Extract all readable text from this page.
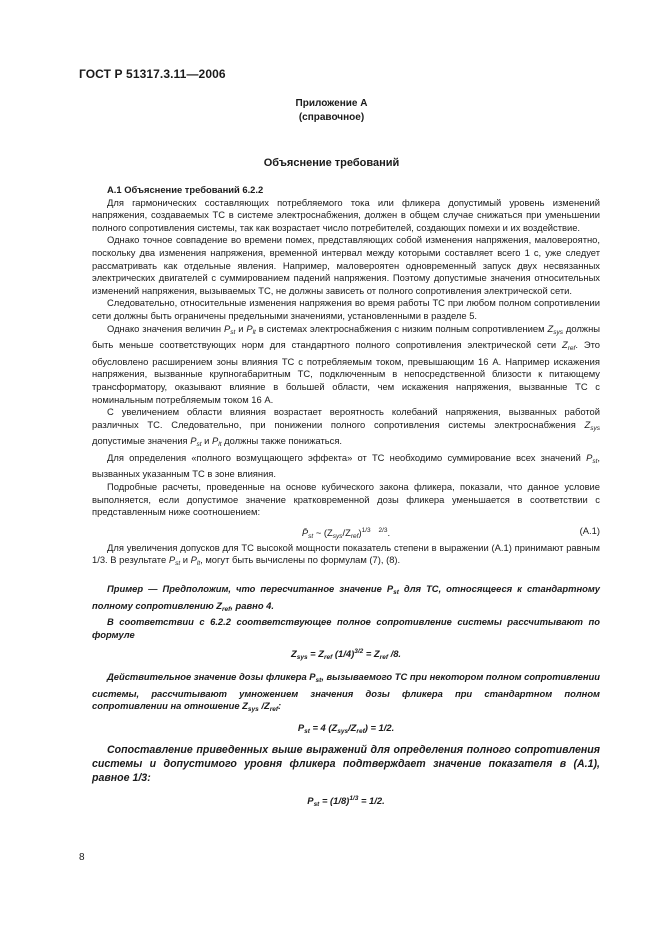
ГОСТ Р 51317.3.11—2006
Приложение А
(справочное)
Объяснение требований

А.1 Объяснение требований 6.2.2

Для гармонических составляющих потребляемого тока или фликера допустимый уровень изменений напряжения, создаваемых ТС в системе электроснабжения, должен в общем случае снижаться при уменьшении полного сопротивления системы, так как возрастает число потребителей, создающих помехи и их воздействие.

Однако точное совпадение во времени помех, представляющих собой изменения напряжения, маловероятно, поскольку два изменения напряжения, временной интервал между которыми составляет всего 1 с, уже следует рассматривать как отдельные явления. Например, маловероятен одновременный запуск двух несвязанных электрических двигателей с суммированием падений напряжения. Поэтому допустимые значения относительных изменений напряжения, вызываемых ТС, не должны зависеть от полного сопротивления электрической сети.

Следовательно, относительные изменения напряжения во время работы ТС при любом полном сопротивлении сети должны быть ограничены предельными значениями, установленными в разделе 5.

Однако значения величин $P_{st}$ и $P_{lt}$ в системах электроснабжения с низким полным сопротивлением $Z_{sys}$ должны быть меньше соответствующих норм для стандартного полного сопротивления электрической сети $Z_{ref}$. Это обусловлено расширением зоны влияния ТС с потребляемым током, превышающим 16 А. Например искажения напряжения, вызванные крупногабаритным ТС, подключенным в непосредственной близости к питающему трансформатору, оказывают влияние в большей области, чем искажения напряжения, вызванные ТС с номинальным потребляемым током 16 А.

С увеличением области влияния возрастает вероятность колебаний напряжения, вызванных работой различных ТС. Следовательно, при понижении полного сопротивления системы электроснабжения $Z_{sys}$ допустимые значения $P_{st}$ и $P_{lt}$ должны также понижаться.

Для определения «полного возмущающего эффекта» от ТС необходимо суммирование всех значений $P_{st}$, вызванных указанным ТС в зоне влияния.

Подробные расчеты, проведенные на основе кубического закона фликера, показали, что данное условие выполняется, если допустимое значение кратковременной дозы фликера уменьшается в соответствии с представленным ниже соотношением:

$P̄_{st}$ ~ $(Z_{sys}/Z_{ref})^{1/3}$ $^{2/3}$.	(А.1)

Для увеличения допусков для ТС высокой мощности показатель степени в выражении (А.1) принимают равным 1/3. В результате $P_{st}$ и $P_{lt}$, могут быть вычислены по формулам (7), (8).

Пример — Предположим, что пересчитанное значение $P_{st}$ для ТС, относящееся к стандартному полному сопротивлению $Z_{ref}$, равно 4.

В соответствии с 6.2.2 соответствующее полное сопротивление системы рассчитывают по формуле

$Z_{sys} = Z_{ref}$ $(1/4)^{3/2} = Z_{ref}$ /8.

Действительное значение дозы фликера $P_{st}$, вызываемого ТС при некотором полном сопротивлении системы, рассчитывают умножением значения дозы фликера при стандартном полном сопротивлении на отношение $Z_{sys}$ $/Z_{ref}$:

$P_{st} = 4$ $(Z_{sys}/Z_{ref}) = 1/2$.

Сопоставление приведенных выше выражений для определения полного сопротивления системы и допустимого уровня фликера подтверждает значение показателя в (А.1), равное 1/3:

$P_{st} = (1/8)^{1/3} = 1/2$.
8
